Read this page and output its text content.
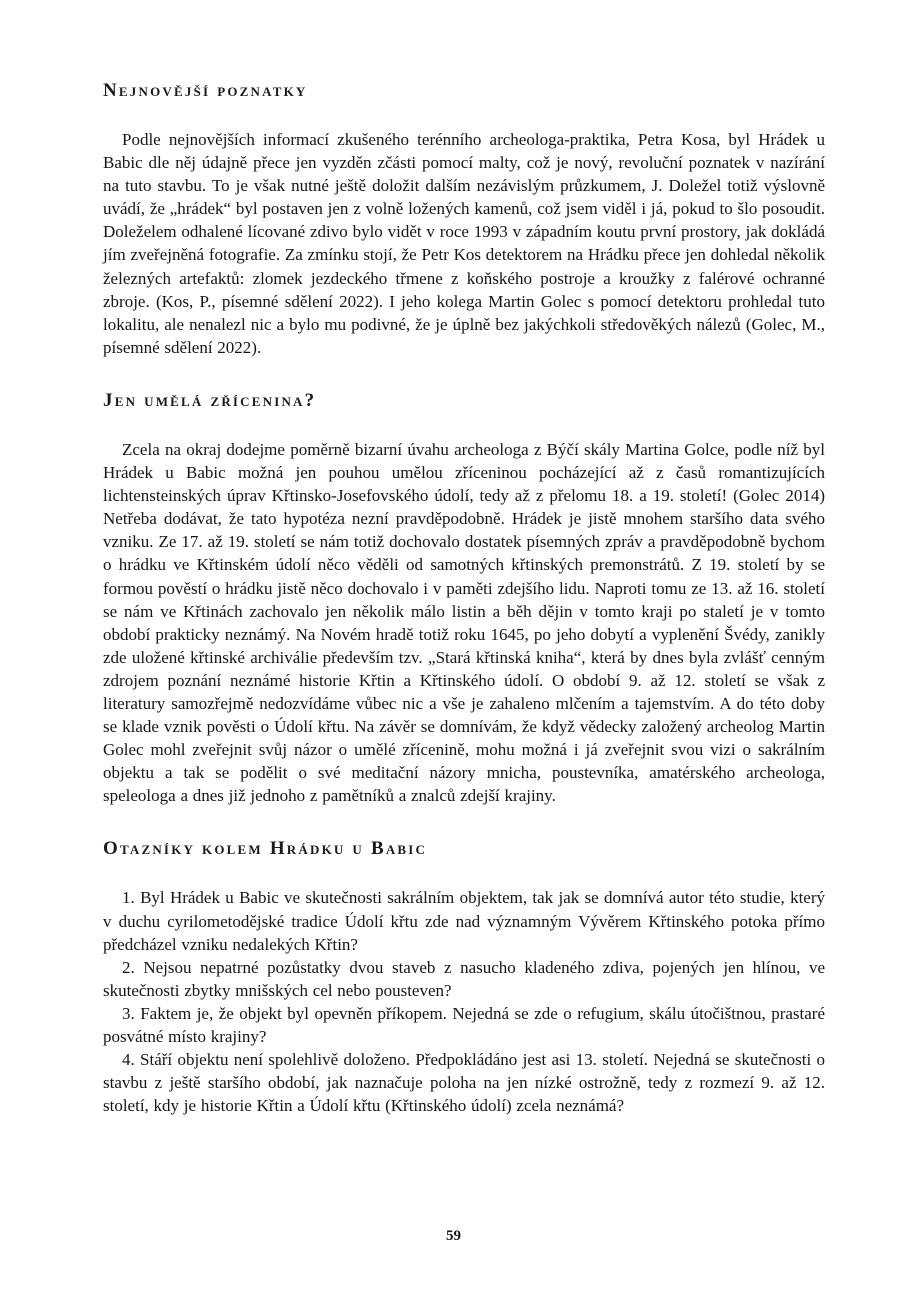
Nejnovější poznatky

Podle nejnovějších informací zkušeného terénního archeologa-praktika, Petra Kosa, byl Hrádek u Babic dle něj údajně přece jen vyzděn zčásti pomocí malty, což je nový, revoluční poznatek v nazírání na tuto stavbu. To je však nutné ještě doložit dalším nezávislým průzkumem, J. Doležel totiž výslovně uvádí, že „hrádek“ byl postaven jen z volně ložených kamenů, což jsem viděl i já, pokud to šlo posoudit. Doleželem odhalené lícované zdivo bylo vidět v roce 1993 v západním koutu první prostory, jak dokládá jím zveřejněná fotografie. Za zmínku stojí, že Petr Kos detektorem na Hrádku přece jen dohledal několik železných artefaktů: zlomek jezdeckého třmene z koňského postroje a kroužky z falérové ochranné zbroje. (Kos, P., písemné sdělení 2022). I jeho kolega Martin Golec s pomocí detektoru prohledal tuto lokalitu, ale nenalezl nic a bylo mu podivné, že je úplně bez jakýchkoli středověkých nálezů (Golec, M., písemné sdělení 2022).

Jen umělá zřícenina?

Zcela na okraj dodejme poměrně bizarní úvahu archeologa z Býčí skály Martina Golce, podle níž byl Hrádek u Babic možná jen pouhou umělou zříceninou pocházející až z časů romantizujících lichtensteinských úprav Křtinsko-Josefovského údolí, tedy až z přelomu 18. a 19. století! (Golec 2014) Netřeba dodávat, že tato hypotéza nezní pravděpodobně. Hrádek je jistě mnohem staršího data svého vzniku. Ze 17. až 19. století se nám totiž dochovalo dostatek písemných zpráv a pravděpodobně bychom o hrádku ve Křtinském údolí něco věděli od samotných křtinských premonstrátů. Z 19. století by se formou pověstí o hrádku jistě něco dochovalo i v paměti zdejšího lidu. Naproti tomu ze 13. až 16. století se nám ve Křtinách zachovalo jen několik málo listin a běh dějin v tomto kraji po staletí je v tomto období prakticky neznámý. Na Novém hradě totiž roku 1645, po jeho dobytí a vyplenění Švédy, zanikly zde uložené křtinské archiválie především tzv. „Stará křtinská kniha“, která by dnes byla zvlášť cenným zdrojem poznání neznámé historie Křtin a Křtinského údolí. O období 9. až 12. století se však z literatury samozřejmě nedozvídáme vůbec nic a vše je zahaleno mlčením a tajemstvím. A do této doby se klade vznik pověsti o Údolí křtu. Na závěr se domnívám, že když vědecky založený archeolog Martin Golec mohl zveřejnit svůj názor o umělé zřícenině, mohu možná i já zveřejnit svou vizi o sakrálním objektu a tak se podělit o své meditační názory mnicha, poustevníka, amatérského archeologa, speleologa a dnes již jednoho z pamětníků a znalců zdejší krajiny.

Otazníky kolem Hrádku u Babic

1. Byl Hrádek u Babic ve skutečnosti sakrálním objektem, tak jak se domnívá autor této studie, který v duchu cyrilometodějské tradice Údolí křtu zde nad významným Vývěrem Křtinského potoka přímo předcházel vzniku nedalekých Křtin?

2. Nejsou nepatrné pozůstatky dvou staveb z nasucho kladeného zdiva, pojených jen hlínou, ve skutečnosti zbytky mnišských cel nebo pousteven?

3. Faktem je, že objekt byl opevněn příkopem. Nejedná se zde o refugium, skálu útočištnou, prastaré posvátné místo krajiny?

4. Stáří objektu není spolehlivě doloženo. Předpokládáno jest asi 13. století. Nejedná se skutečnosti o stavbu z ještě staršího období, jak naznačuje poloha na jen nízké ostrožně, tedy z rozmezí 9. až 12. století, kdy je historie Křtin a Údolí křtu (Křtinského údolí) zcela neznámá?

59
